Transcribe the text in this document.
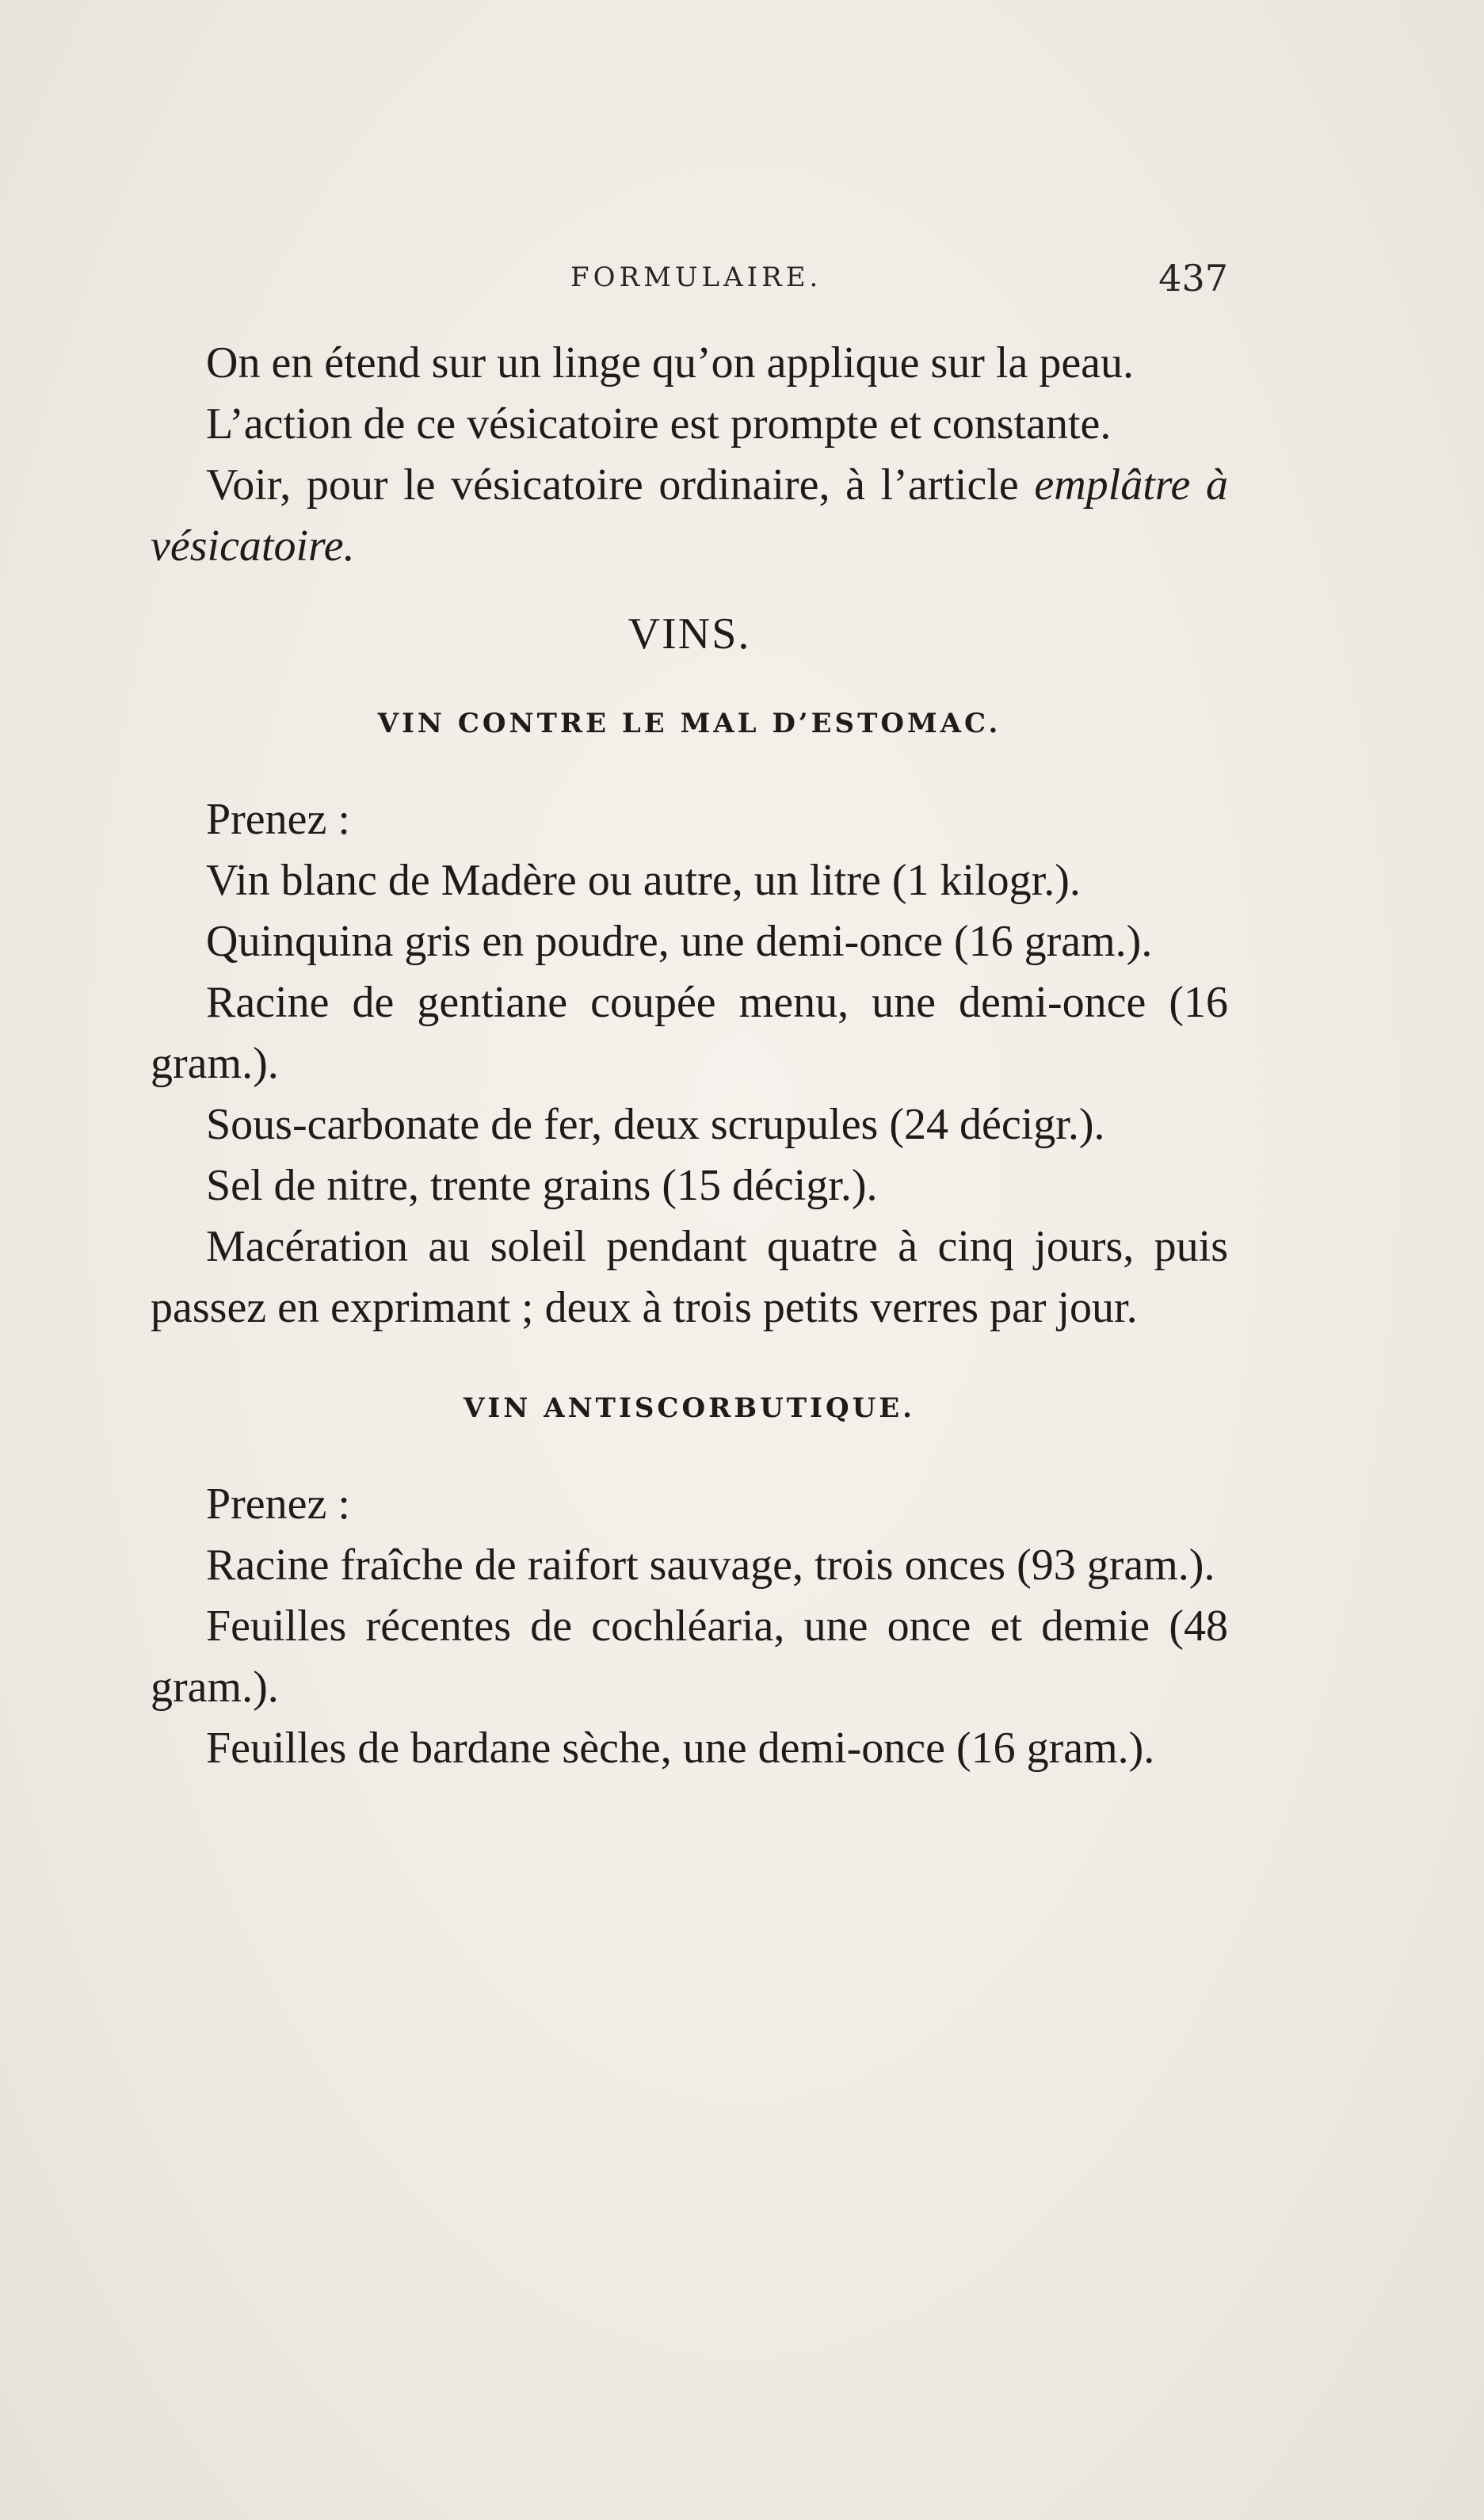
FORMULAIRE.	437

On en étend sur un linge qu’on applique sur la peau.

L’action de ce vésicatoire est prompte et constante.

Voir, pour le vésicatoire ordinaire, à l’article emplâtre à vésicatoire.

VINS.
VIN CONTRE LE MAL D’ESTOMAC.

Prenez :

Vin blanc de Madère ou autre, un litre (1 kilogr.).

Quinquina gris en poudre, une demi-once (16 gram.).

Racine de gentiane coupée menu, une demi-once (16 gram.).

Sous-carbonate de fer, deux scrupules (24 décigr.).

Sel de nitre, trente grains (15 décigr.).

Macération au soleil pendant quatre à cinq jours, puis passez en exprimant ; deux à trois petits verres par jour.

VIN ANTISCORBUTIQUE.

Prenez :

Racine fraîche de raifort sauvage, trois onces (93 gram.).

Feuilles récentes de cochléaria, une once et demie (48 gram.).

Feuilles de bardane sèche, une demi-once (16 gram.).
